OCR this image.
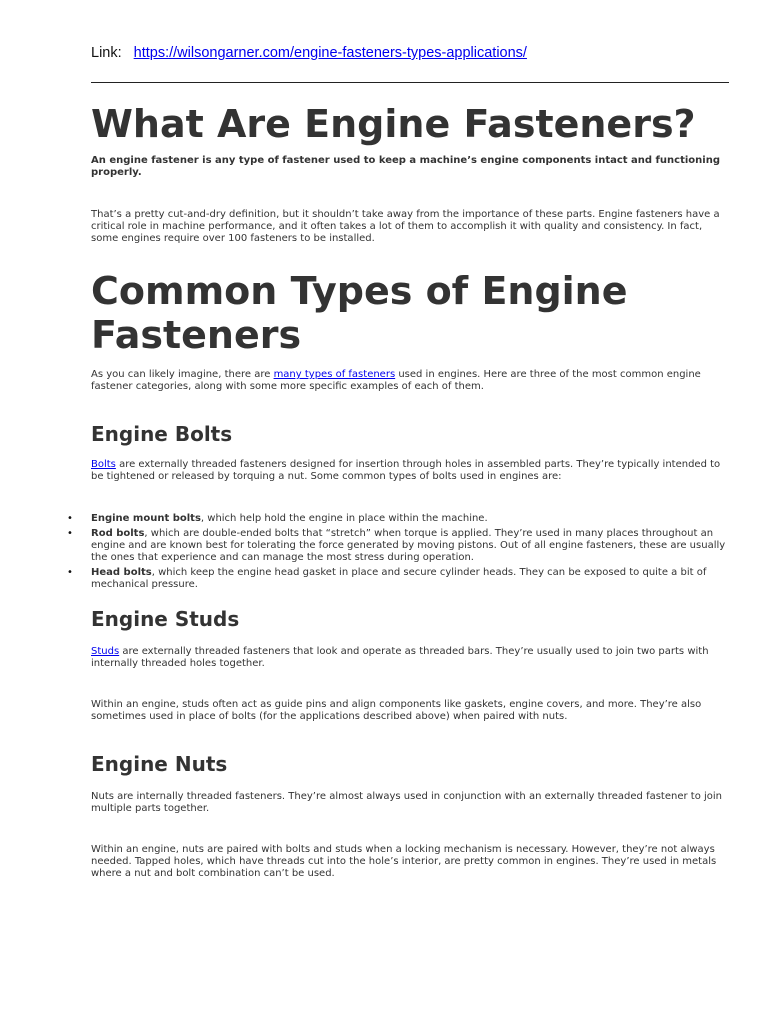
Link: https://wilsongarner.com/engine-fasteners-types-applications/
What Are Engine Fasteners?

An engine fastener is any type of fastener used to keep a machine’s engine components intact and functioning properly.

That’s a pretty cut-and-dry definition, but it shouldn’t take away from the importance of these parts. Engine fasteners have a critical role in machine performance, and it often takes a lot of them to accomplish it with quality and consistency. In fact, some engines require over 100 fasteners to be installed.

Common Types of Engine Fasteners

As you can likely imagine, there are many types of fasteners used in engines. Here are three of the most common engine fastener categories, along with some more specific examples of each of them.

Engine Bolts

Bolts are externally threaded fasteners designed for insertion through holes in assembled parts. They’re typically intended to be tightened or released by torquing a nut. Some common types of bolts used in engines are:

• Engine mount bolts, which help hold the engine in place within the machine.
• Rod bolts, which are double-ended bolts that “stretch” when torque is applied. They’re used in many places throughout an engine and are known best for tolerating the force generated by moving pistons. Out of all engine fasteners, these are usually the ones that experience and can manage the most stress during operation.
• Head bolts, which keep the engine head gasket in place and secure cylinder heads. They can be exposed to quite a bit of mechanical pressure.
Engine Studs

Studs are externally threaded fasteners that look and operate as threaded bars. They’re usually used to join two parts with internally threaded holes together.

Within an engine, studs often act as guide pins and align components like gaskets, engine covers, and more. They’re also sometimes used in place of bolts (for the applications described above) when paired with nuts.

Engine Nuts

Nuts are internally threaded fasteners. They’re almost always used in conjunction with an externally threaded fastener to join multiple parts together.

Within an engine, nuts are paired with bolts and studs when a locking mechanism is necessary. However, they’re not always needed. Tapped holes, which have threads cut into the hole’s interior, are pretty common in engines. They’re used in metals where a nut and bolt combination can’t be used.
